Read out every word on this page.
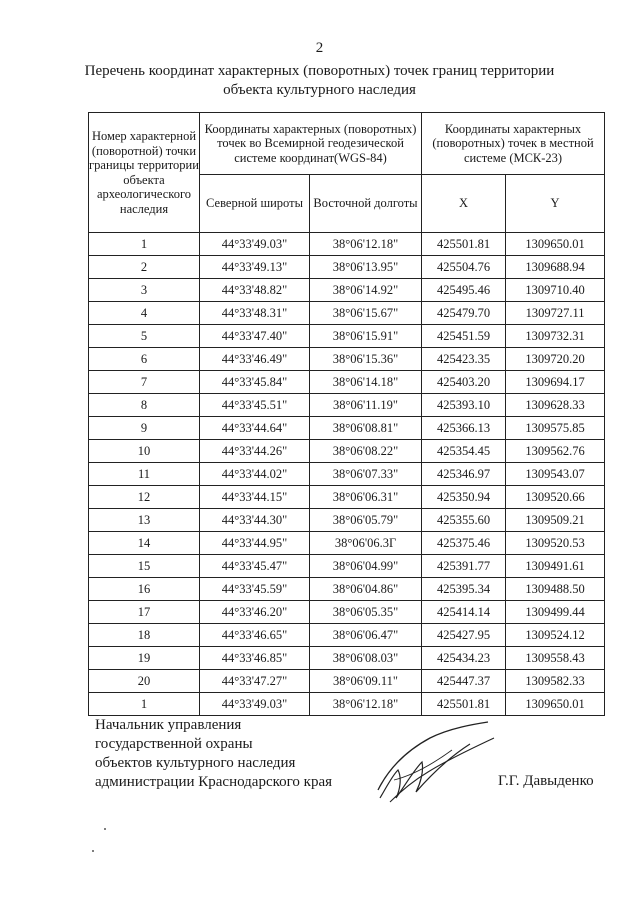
2
Перечень координат характерных (поворотных) точек границ территории
объекта культурного наследия
Номер характерной (поворотной) точки границы территории объекта археологического наследия	Координаты характерных (поворотных) точек во Всемирной геодезической системе координат(WGS-84)		Координаты характерных (поворотных) точек в местной системе (МСК-23)	
	Северной широты	Восточной долготы	X	Y
1	44°33'49.03"	38°06'12.18"	425501.81	1309650.01
2	44°33'49.13"	38°06'13.95"	425504.76	1309688.94
3	44°33'48.82"	38°06'14.92"	425495.46	1309710.40
4	44°33'48.31"	38°06'15.67"	425479.70	1309727.11
5	44°33'47.40"	38°06'15.91"	425451.59	1309732.31
6	44°33'46.49"	38°06'15.36"	425423.35	1309720.20
7	44°33'45.84"	38°06'14.18"	425403.20	1309694.17
8	44°33'45.51"	38°06'11.19"	425393.10	1309628.33
9	44°33'44.64"	38°06'08.81"	425366.13	1309575.85
10	44°33'44.26"	38°06'08.22"	425354.45	1309562.76
11	44°33'44.02"	38°06'07.33"	425346.97	1309543.07
12	44°33'44.15"	38°06'06.31"	425350.94	1309520.66
13	44°33'44.30"	38°06'05.79"	425355.60	1309509.21
14	44°33'44.95"	38°06'06.3Г	425375.46	1309520.53
15	44°33'45.47"	38°06'04.99"	425391.77	1309491.61
16	44°33'45.59"	38°06'04.86"	425395.34	1309488.50
17	44°33'46.20"	38°06'05.35"	425414.14	1309499.44
18	44°33'46.65"	38°06'06.47"	425427.95	1309524.12
19	44°33'46.85"	38°06'08.03"	425434.23	1309558.43
20	44°33'47.27"	38°06'09.11"	425447.37	1309582.33
1	44°33'49.03"	38°06'12.18"	425501.81	1309650.01
Начальник управления
государственной охраны
объектов культурного наследия
администрации Краснодарского края	Г.Г. Давыденко
